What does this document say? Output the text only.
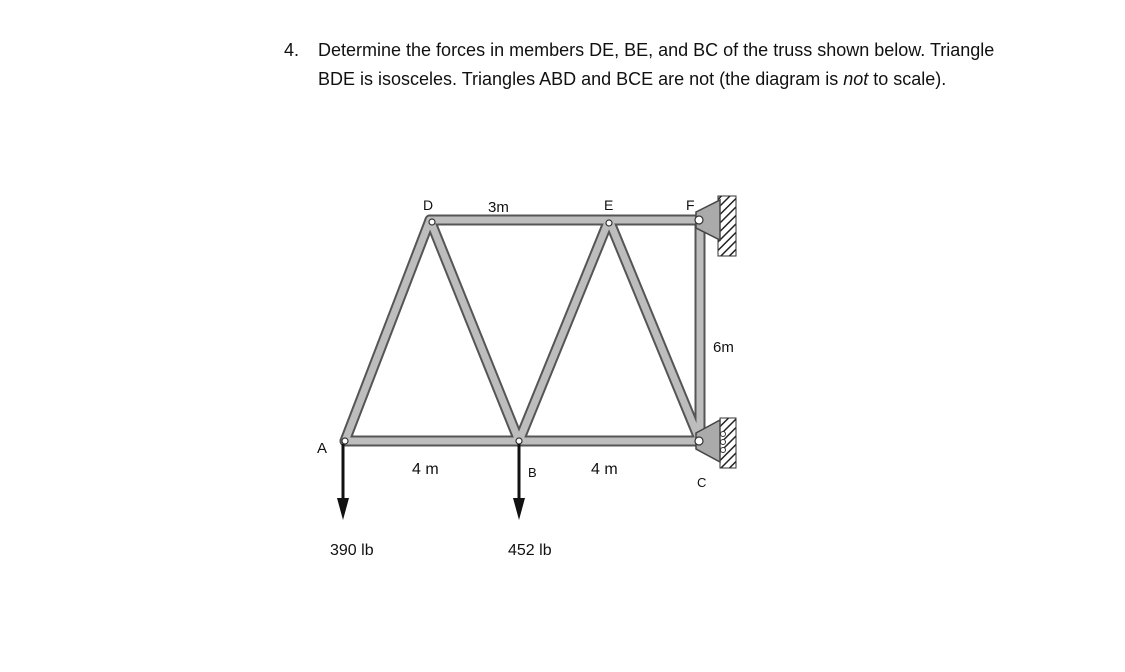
4.	Determine the forces in members DE, BE, and BC of the truss shown below. Triangle BDE is isosceles. Triangles ABD and BCE are not (the diagram is not to scale).
A
B
C
D	E	F
3m
4 m	4 m
6m
390 lb	452 lb
